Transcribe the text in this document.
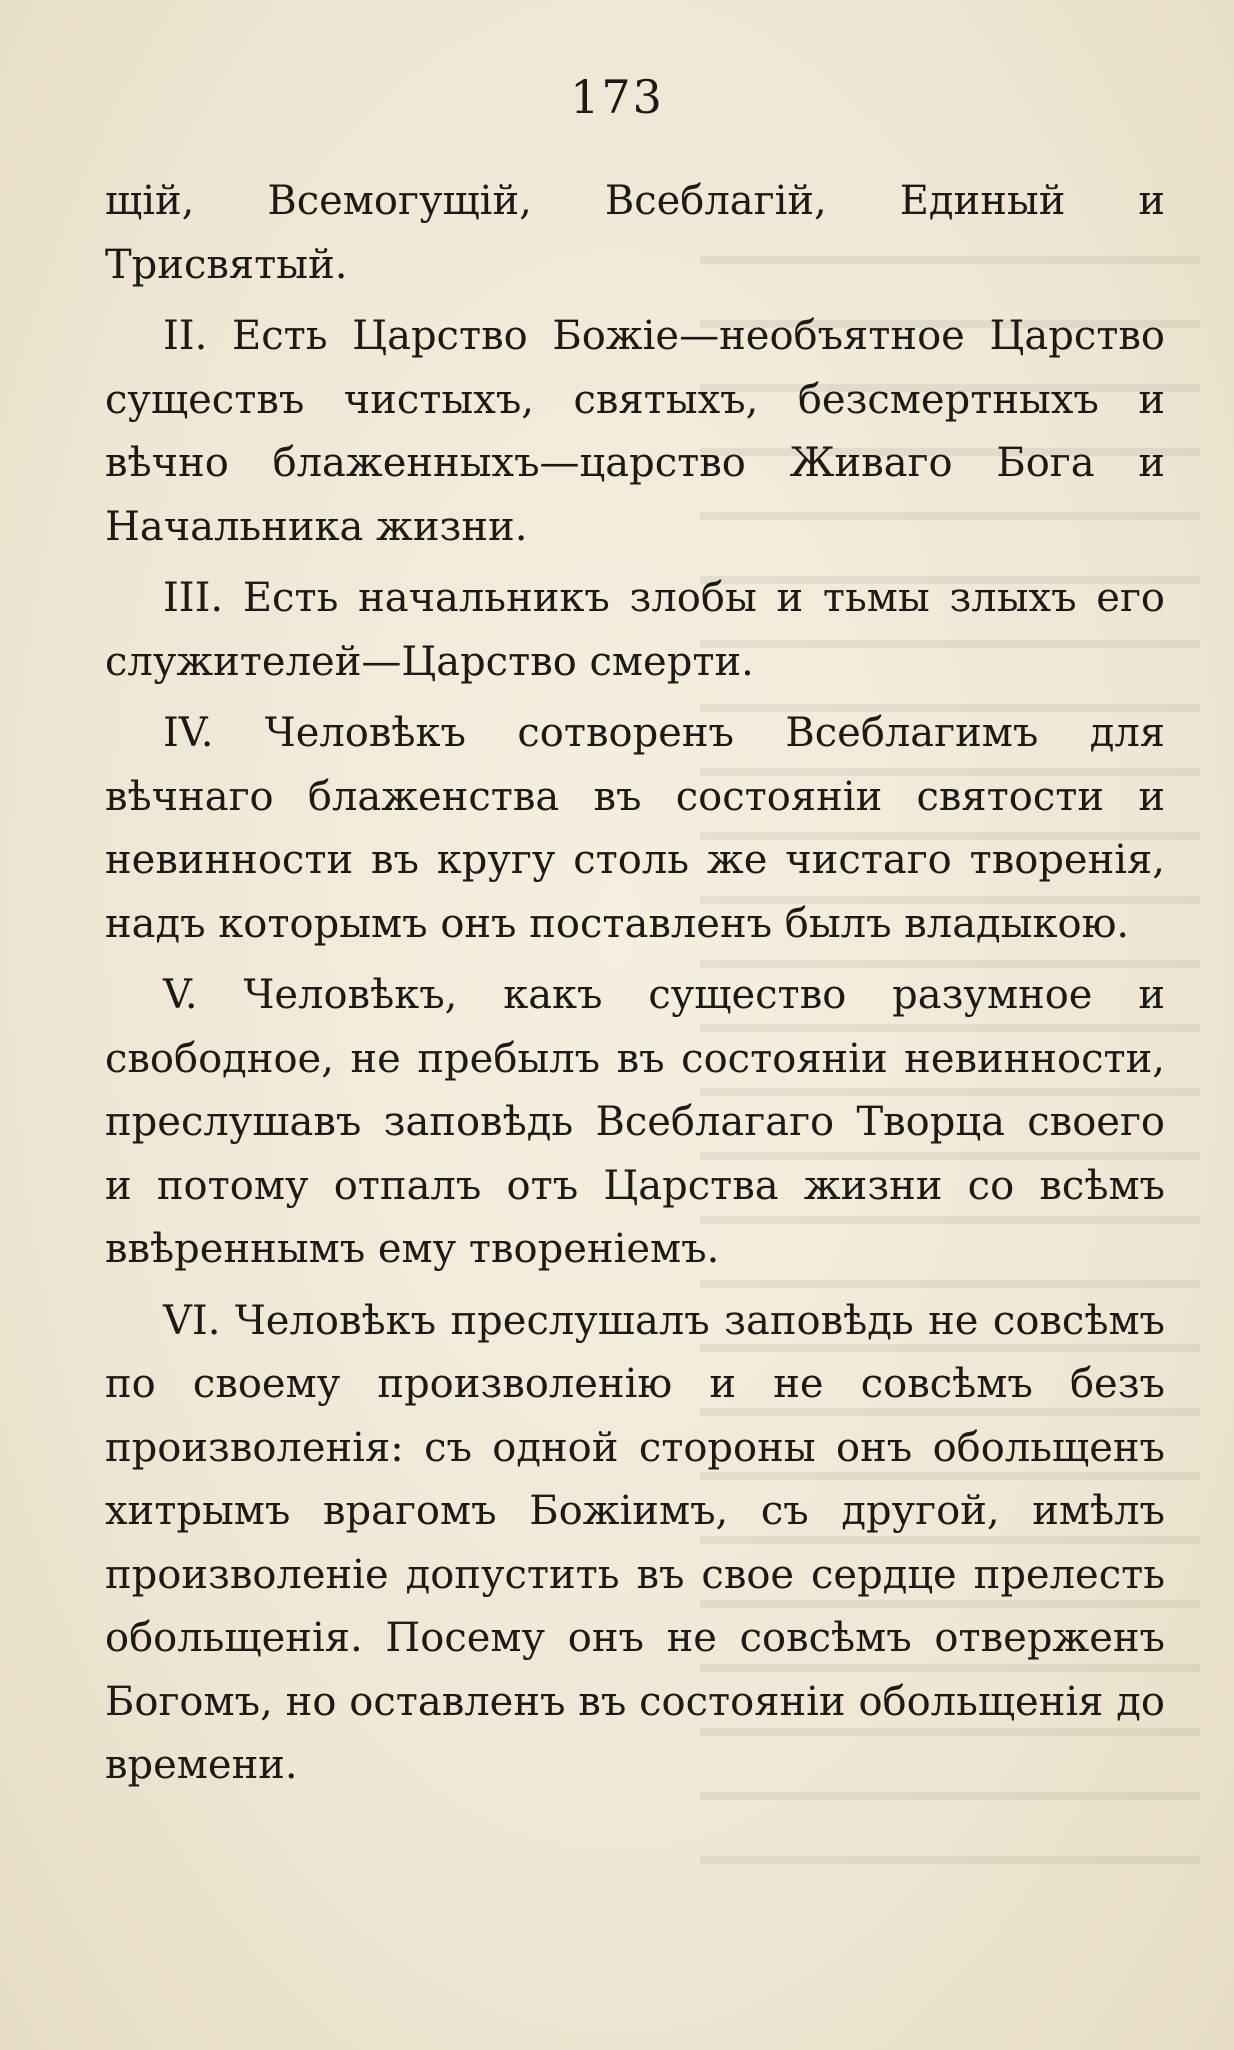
173

щій, Всемогущій, Всеблагій, Единый и Трисвятый.

II. Есть Царство Божіе—необъятное Царство существъ чистыхъ, святыхъ, безсмертныхъ и вѣчно блаженныхъ—царство Живаго Бога и Начальника жизни.

III. Есть начальникъ злобы и тьмы злыхъ его служителей—Царство смерти.

IV. Человѣкъ сотворенъ Всеблагимъ для вѣчнаго блаженства въ состояніи святости и невинности въ кругу столь же чистаго творенія, надъ которымъ онъ поставленъ былъ владыкою.

V. Человѣкъ, какъ существо разумное и свободное, не пребылъ въ состояніи невинности, преслушавъ заповѣдь Всеблагаго Творца своего и потому отпалъ отъ Царства жизни со всѣмъ ввѣреннымъ ему твореніемъ.

VI. Человѣкъ преслушалъ заповѣдь не совсѣмъ по своему произволенію и не совсѣмъ безъ произволенія: съ одной стороны онъ обольщенъ хитрымъ врагомъ Божіимъ, съ другой, имѣлъ произволеніе допустить въ свое сердце прелесть обольщенія. Посему онъ не совсѣмъ отверженъ Богомъ, но оставленъ въ состояніи обольщенія до времени.
